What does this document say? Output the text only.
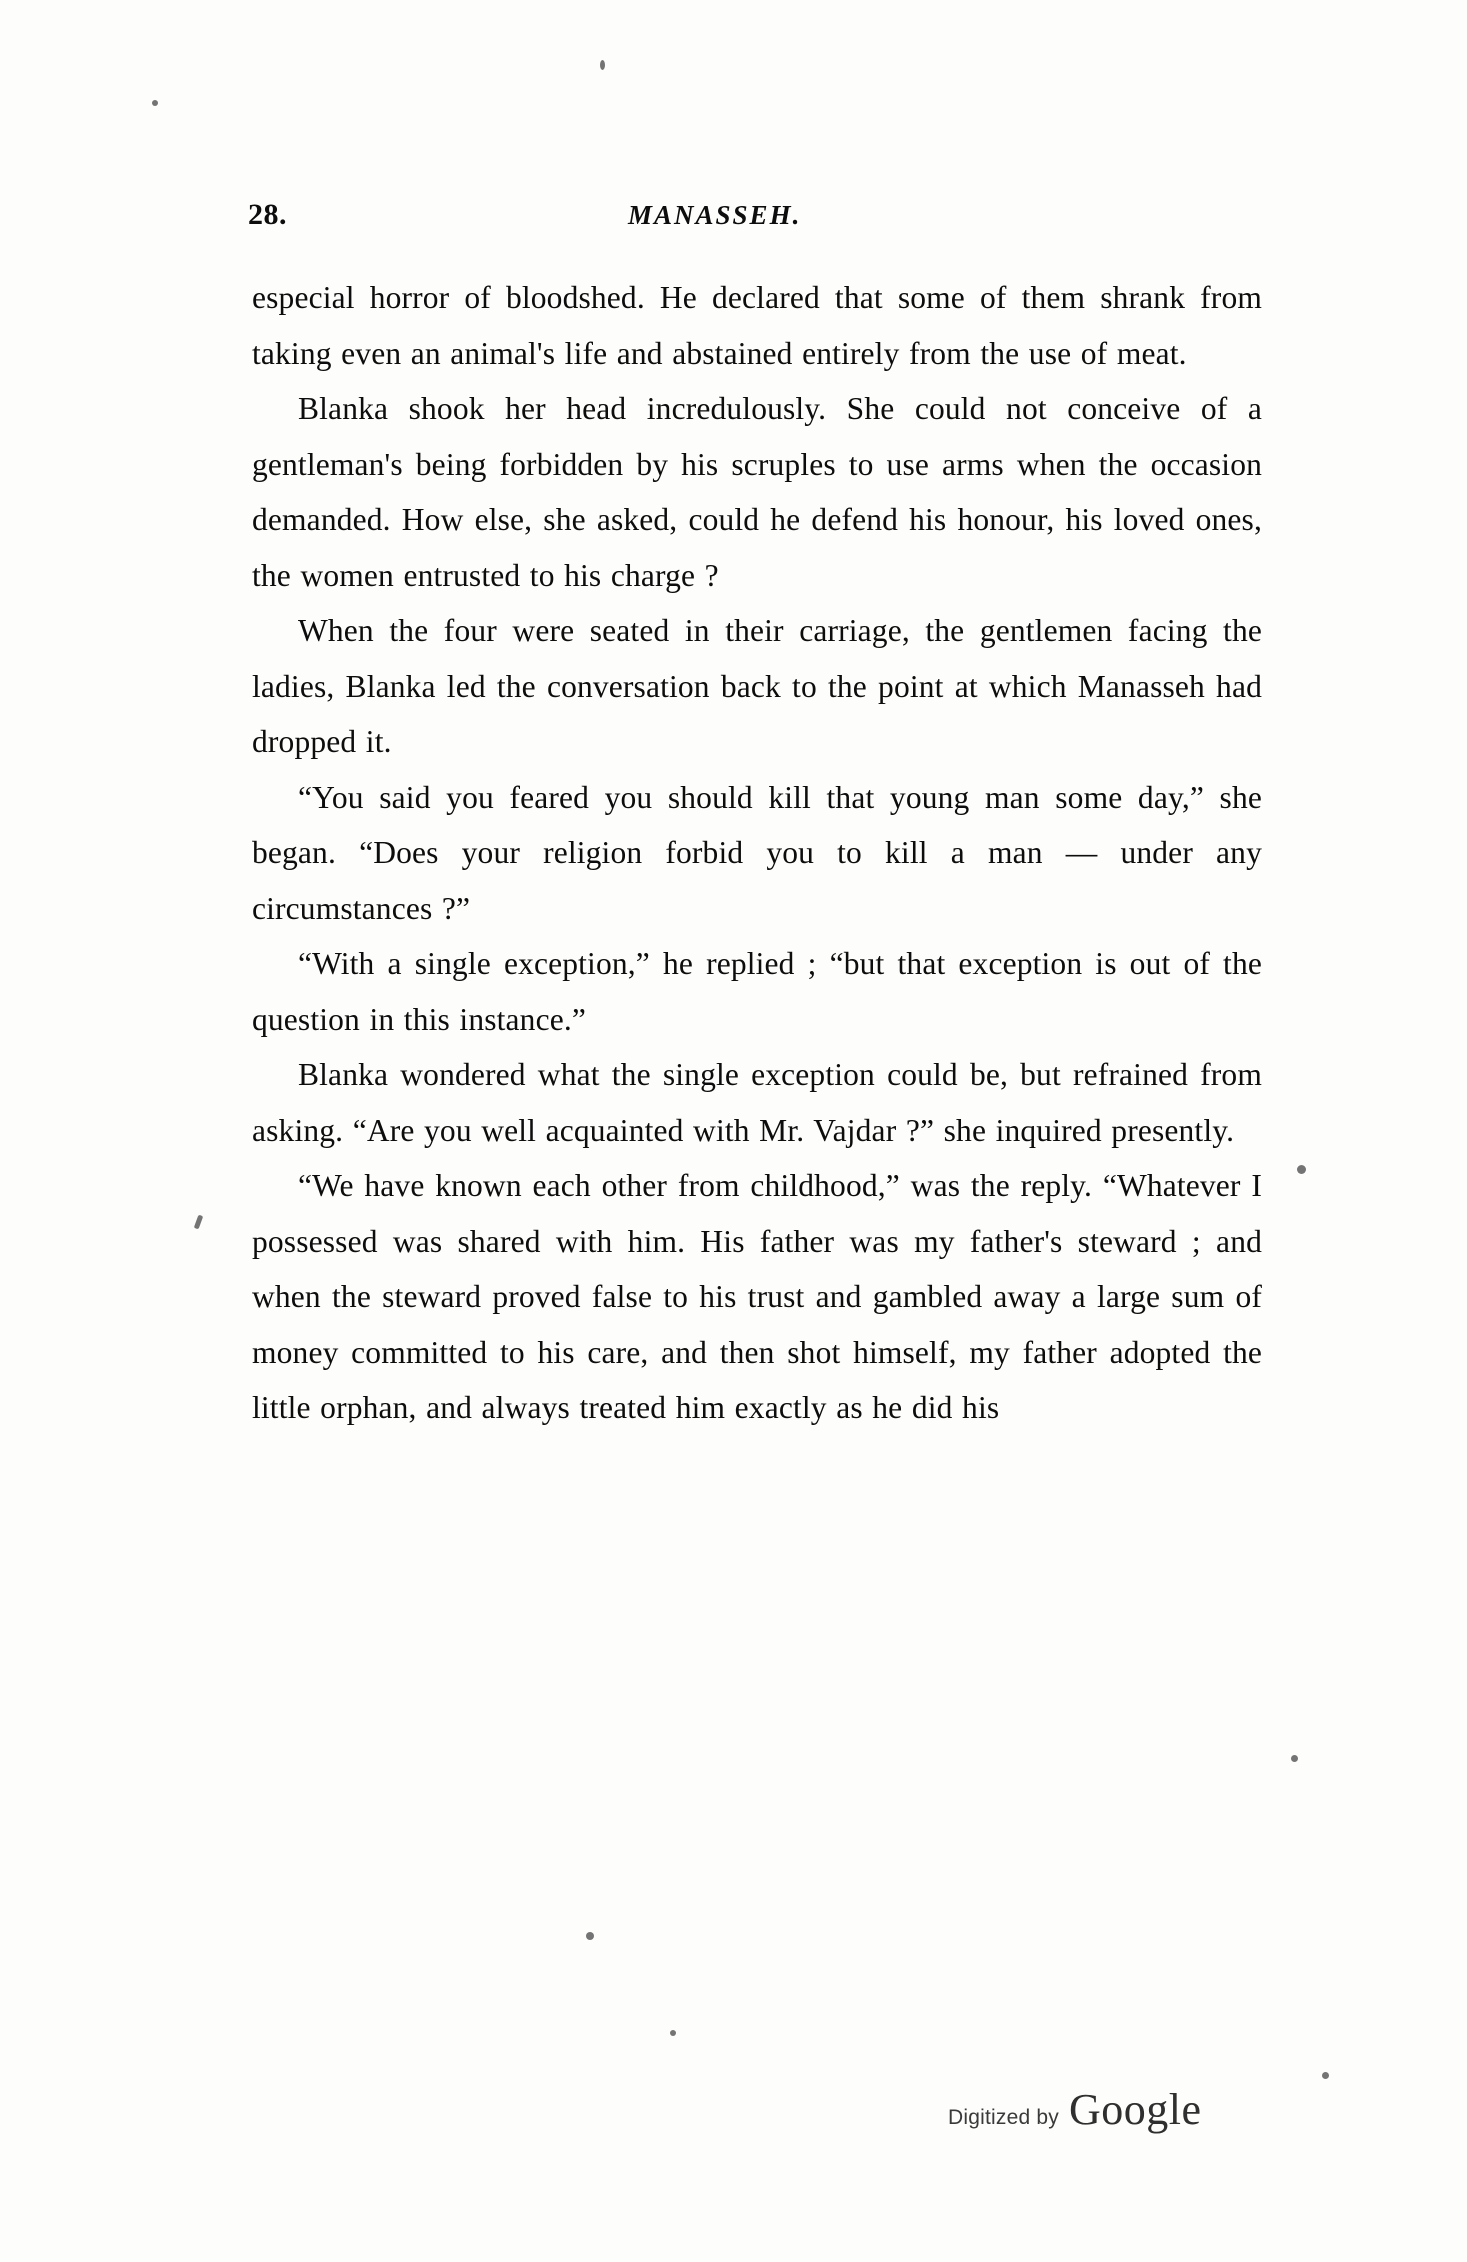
28.	MANASSEH.

especial horror of bloodshed. He declared that some of them shrank from taking even an animal's life and abstained entirely from the use of meat.

Blanka shook her head incredulously. She could not conceive of a gentleman's being forbidden by his scruples to use arms when the occasion demanded. How else, she asked, could he defend his honour, his loved ones, the women entrusted to his charge ?

When the four were seated in their carriage, the gentlemen facing the ladies, Blanka led the conversation back to the point at which Manasseh had dropped it.

“You said you feared you should kill that young man some day,” she began. “Does your religion forbid you to kill a man — under any circumstances ?”

“With a single exception,” he replied ; “but that exception is out of the question in this instance.”

Blanka wondered what the single exception could be, but refrained from asking. “Are you well acquainted with Mr. Vajdar ?” she inquired presently.

“We have known each other from childhood,” was the reply. “Whatever I possessed was shared with him. His father was my father's steward ; and when the steward proved false to his trust and gambled away a large sum of money committed to his care, and then shot himself, my father adopted the little orphan, and always treated him exactly as he did his

Digitized by Google
